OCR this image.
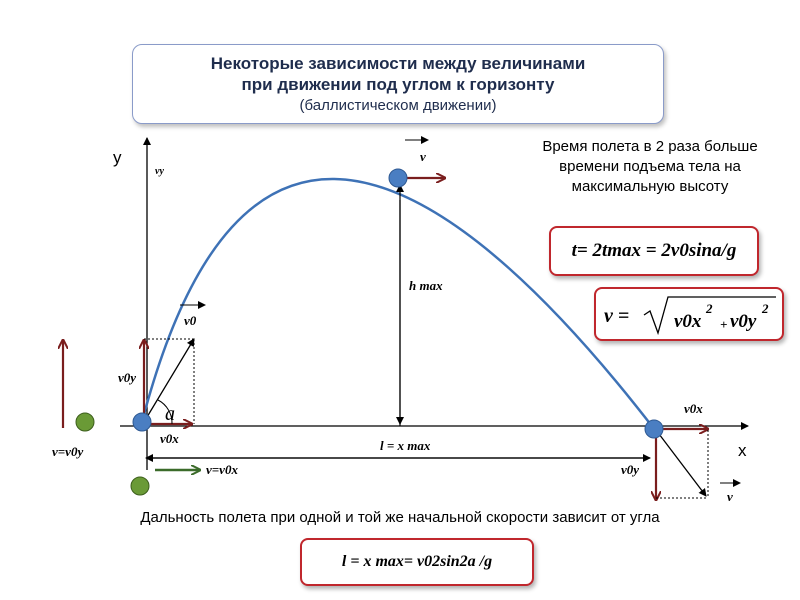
y
x
vy
h max
v
v0
v0y
v0x
a
l = x max
v=v0y
v=v0x
v0x
v0y
v
Некоторые зависимости между величинами
при движении под углом к горизонту
(баллистическом движении)
Время полета в 2 раза больше времени подъема тела на максимальную высоту
t= 2tmax = 2v0sina/g
v = v0x
2
+ v0y
2
Дальность полета при одной и той же начальной скорости зависит от угла
l = x max= v02sin2a /g
